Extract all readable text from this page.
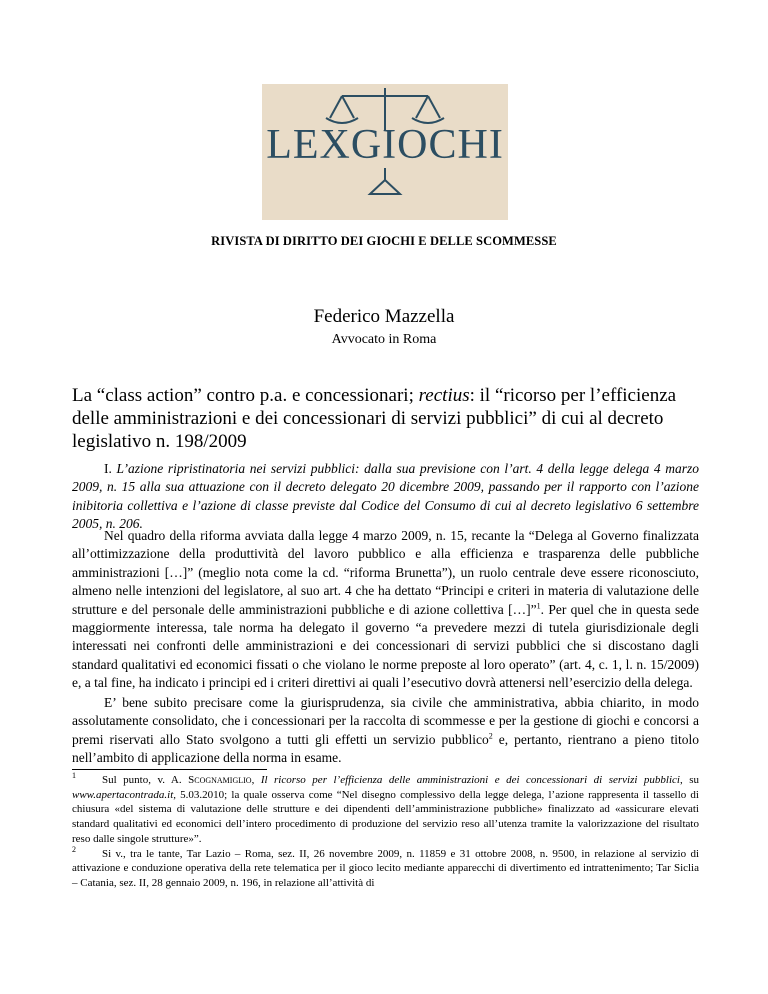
LEXGIOCHI
RIVISTA DI DIRITTO DEI GIOCHI E DELLE SCOMMESSE
Federico Mazzella
Avvocato in Roma
La “class action” contro p.a. e concessionari; rectius: il “ricorso per l’efficienza delle amministrazioni e dei concessionari di servizi pubblici” di cui al decreto legislativo n. 198/2009

I. L’azione ripristinatoria nei servizi pubblici: dalla sua previsione con l’art. 4 della legge delega 4 marzo 2009, n. 15 alla sua attuazione con il decreto delegato 20 dicembre 2009, passando per il rapporto con l’azione inibitoria collettiva e l’azione di classe previste dal Codice del Consumo di cui al decreto legislativo 6 settembre 2005, n. 206.

Nel quadro della riforma avviata dalla legge 4 marzo 2009, n. 15, recante la “Delega al Governo finalizzata all’ottimizzazione della produttività del lavoro pubblico e alla efficienza e trasparenza delle pubbliche amministrazioni […]” (meglio nota come la cd. “riforma Brunetta”), un ruolo centrale deve essere riconosciuto, almeno nelle intenzioni del legislatore, al suo art. 4 che ha dettato “Principi e criteri in materia di valutazione delle strutture e del personale delle amministrazioni pubbliche e di azione collettiva […]”$^1$. Per quel che in questa sede maggiormente interessa, tale norma ha delegato il governo “a prevedere mezzi di tutela giurisdizionale degli interessati nei confronti delle amministrazioni e dei concessionari di servizi pubblici che si discostano dagli standard qualitativi ed economici fissati o che violano le norme preposte al loro operato” (art. 4, c. 1, l. n. 15/2009) e, a tal fine, ha indicato i principi ed i criteri direttivi ai quali l’esecutivo dovrà attenersi nell’esercizio della delega.

E’ bene subito precisare come la giurisprudenza, sia civile che amministrativa, abbia chiarito, in modo assolutamente consolidato, che i concessionari per la raccolta di scommesse e per la gestione di giochi e concorsi a premi riservati allo Stato svolgono a tutti gli effetti un servizio pubblico$^2$ e, pertanto, rientrano a pieno titolo nell’ambito di applicazione della norma in esame.

1 Sul punto, v. A. Scognamiglio, Il ricorso per l’efficienza delle amministrazioni e dei concessionari di servizi pubblici, su www.apertacontrada.it, 5.03.2010; la quale osserva come “Nel disegno complessivo della legge delega, l’azione rappresenta il tassello di chiusura «del sistema di valutazione delle strutture e dei dipendenti dell’amministrazione pubbliche» finalizzato ad «assicurare elevati standard qualitativi ed economici dell’intero procedimento di produzione del servizio reso all’utenza tramite la valorizzazione del risultato reso dalle singole strutture»”.

2 Si v., tra le tante, Tar Lazio – Roma, sez. II, 26 novembre 2009, n. 11859 e 31 ottobre 2008, n. 9500, in relazione al servizio di attivazione e conduzione operativa della rete telematica per il gioco lecito mediante apparecchi di divertimento ed intrattenimento; Tar Siclia – Catania, sez. II, 28 gennaio 2009, n. 196, in relazione all’attività di
